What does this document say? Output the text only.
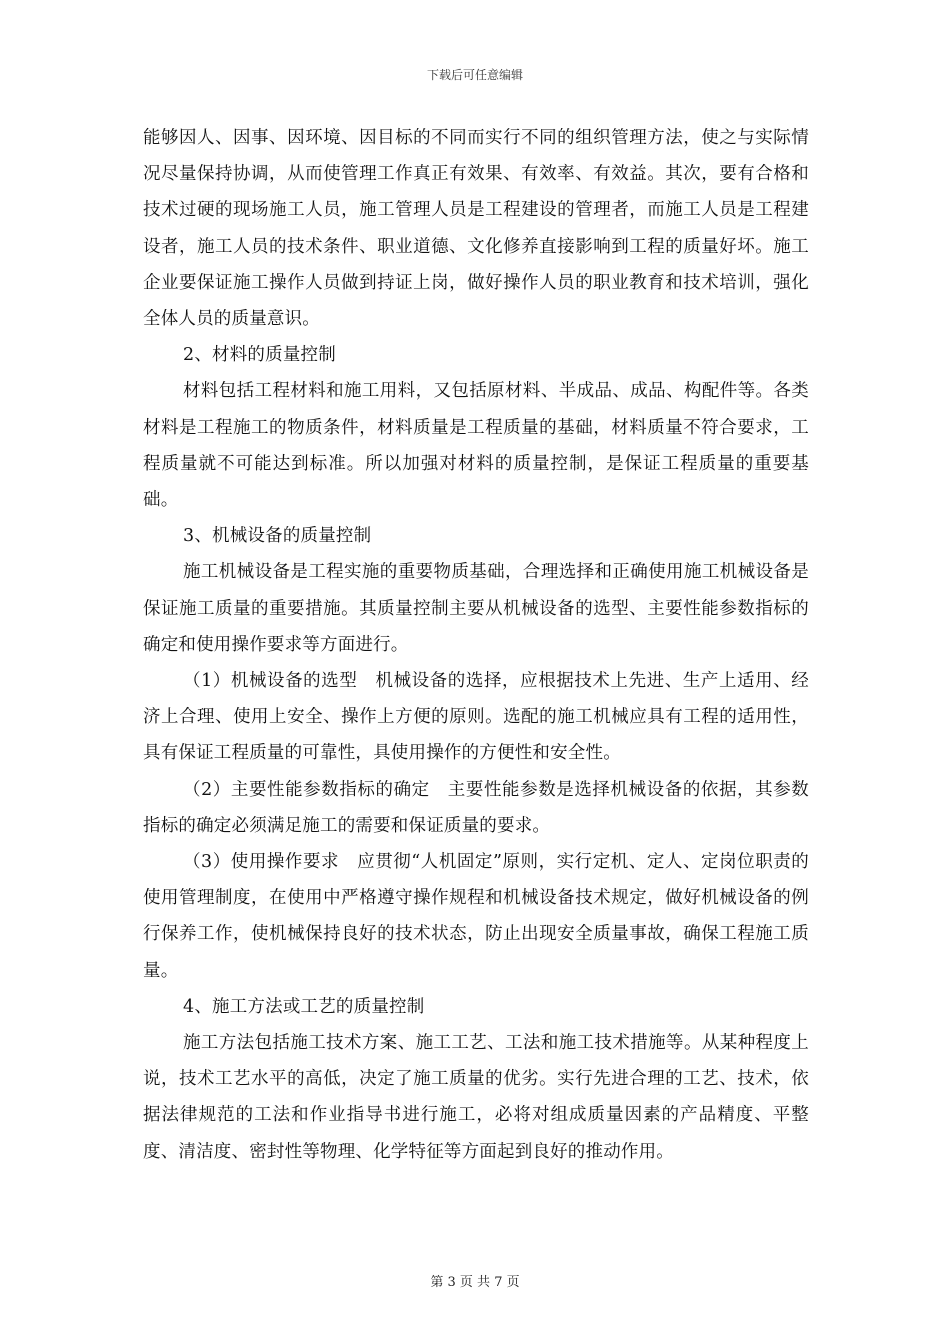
下载后可任意编辑

能够因人、因事、因环境、因目标的不同而实行不同的组织管理方法，使之与实际情况尽量保持协调，从而使管理工作真正有效果、有效率、有效益。其次，要有合格和技术过硬的现场施工人员，施工管理人员是工程建设的管理者，而施工人员是工程建设者，施工人员的技术条件、职业道德、文化修养直接影响到工程的质量好坏。施工企业要保证施工操作人员做到持证上岗，做好操作人员的职业教育和技术培训，强化全体人员的质量意识。

2、材料的质量控制

材料包括工程材料和施工用料，又包括原材料、半成品、成品、构配件等。各类材料是工程施工的物质条件，材料质量是工程质量的基础，材料质量不符合要求，工程质量就不可能达到标准。所以加强对材料的质量控制，是保证工程质量的重要基础。

3、机械设备的质量控制

施工机械设备是工程实施的重要物质基础，合理选择和正确使用施工机械设备是保证施工质量的重要措施。其质量控制主要从机械设备的选型、主要性能参数指标的确定和使用操作要求等方面进行。

（1）机械设备的选型　机械设备的选择，应根据技术上先进、生产上适用、经济上合理、使用上安全、操作上方便的原则。选配的施工机械应具有工程的适用性，具有保证工程质量的可靠性，具使用操作的方便性和安全性。

（2）主要性能参数指标的确定　主要性能参数是选择机械设备的依据，其参数指标的确定必须满足施工的需要和保证质量的要求。

（3）使用操作要求　应贯彻“人机固定”原则，实行定机、定人、定岗位职责的使用管理制度，在使用中严格遵守操作规程和机械设备技术规定，做好机械设备的例行保养工作，使机械保持良好的技术状态，防止出现安全质量事故，确保工程施工质量。

4、施工方法或工艺的质量控制

施工方法包括施工技术方案、施工工艺、工法和施工技术措施等。从某种程度上说，技术工艺水平的高低，决定了施工质量的优劣。实行先进合理的工艺、技术，依据法律规范的工法和作业指导书进行施工，必将对组成质量因素的产品精度、平整度、清洁度、密封性等物理、化学特征等方面起到良好的推动作用。

第 3 页 共 7 页
